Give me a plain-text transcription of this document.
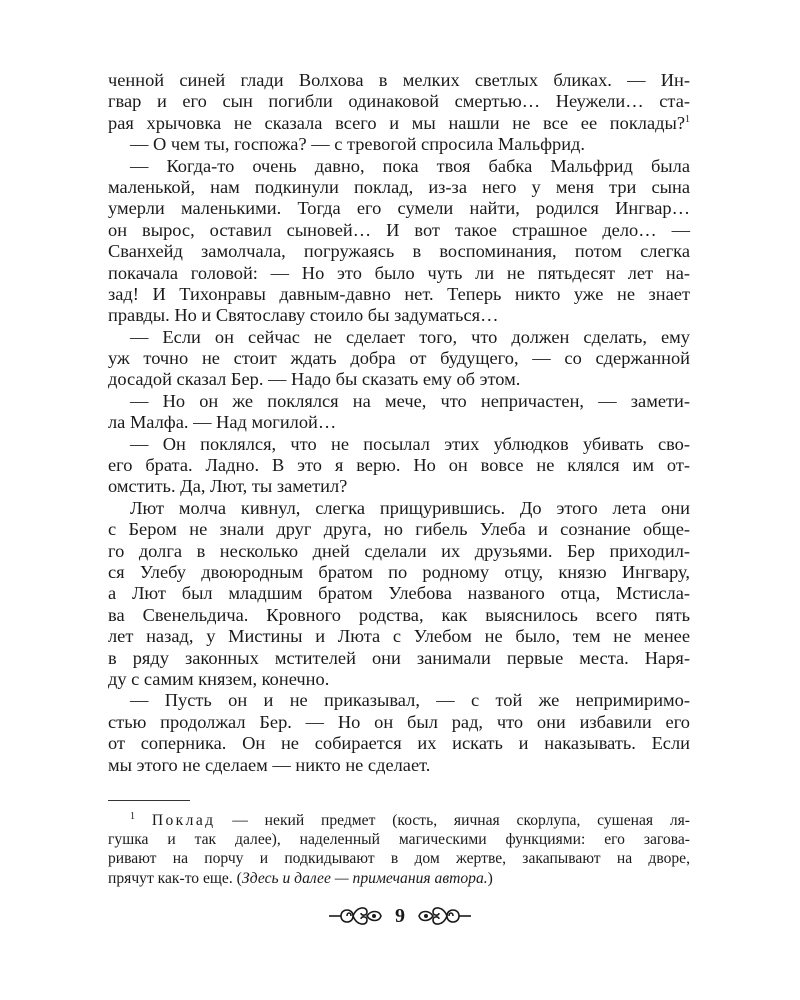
ченной синей глади Волхова в мелких светлых бликах. — Ин-
гвар и его сын погибли одинаковой смертью… Неужели… ста-
рая хрычовка не сказала всего и мы нашли не все ее поклады?$^1$
— О чем ты, госпожа? — с тревогой спросила Мальфрид.
— Когда-то очень давно, пока твоя бабка Мальфрид была
маленькой, нам подкинули поклад, из-за него у меня три сына
умерли маленькими. Тогда его сумели найти, родился Ингвар…
он вырос, оставил сыновей… И вот такое страшное дело… —
Сванхейд замолчала, погружаясь в воспоминания, потом слегка
покачала головой: — Но это было чуть ли не пятьдесят лет на-
зад! И Тихонравы давным-давно нет. Теперь никто уже не знает
правды. Но и Святославу стоило бы задуматься…
— Если он сейчас не сделает того, что должен сделать, ему
уж точно не стоит ждать добра от будущего, — со сдержанной
досадой сказал Бер. — Надо бы сказать ему об этом.
— Но он же поклялся на мече, что непричастен, — замети-
ла Малфа. — Над могилой…
— Он поклялся, что не посылал этих ублюдков убивать сво-
его брата. Ладно. В это я верю. Но он вовсе не клялся им от-
омстить. Да, Лют, ты заметил?
Лют молча кивнул, слегка прищурившись. До этого лета они
с Бером не знали друг друга, но гибель Улеба и сознание обще-
го долга в несколько дней сделали их друзьями. Бер приходил-
ся Улебу двоюродным братом по родному отцу, князю Ингвару,
а Лют был младшим братом Улебова названого отца, Мстисла-
ва Свенельдича. Кровного родства, как выяснилось всего пять
лет назад, у Мистины и Люта с Улебом не было, тем не менее
в ряду законных мстителей они занимали первые места. Наря-
ду с самим князем, конечно.
— Пусть он и не приказывал, — с той же непримиримо-
стью продолжал Бер. — Но он был рад, что они избавили его
от соперника. Он не собирается их искать и наказывать. Если
мы этого не сделаем — никто не сделает.
$^1$ Поклад — некий предмет (кость, яичная скорлупа, сушеная ля-
гушка и так далее), наделенный магическими функциями: его загова-
ривают на порчу и подкидывают в дом жертве, закапывают на дворе,
прячут как-то еще. (Здесь и далее — примечания автора.)
9
